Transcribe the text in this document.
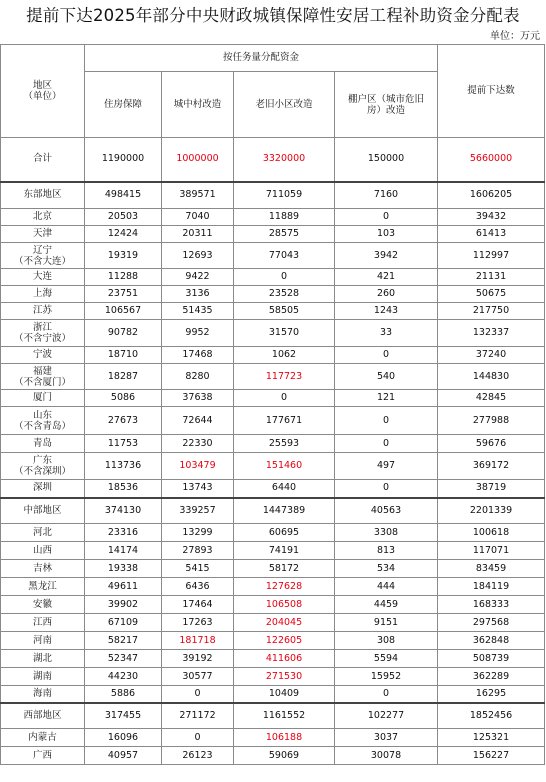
提前下达2025年部分中央财政城镇保障性安居工程补助资金分配表
单位：万元
地区
（单位）	按任务量分配资金				提前下达数
	住房保障	城中村改造	老旧小区改造	棚户区（城市危旧房）改造	
合计	1190000	1000000	3320000	150000	5660000
东部地区	498415	389571	711059	7160	1606205
北京	20503	7040	11889	0	39432
天津	12424	20311	28575	103	61413
辽宁
（不含大连）	19319	12693	77043	3942	112997
大连	11288	9422	0	421	21131
上海	23751	3136	23528	260	50675
江苏	106567	51435	58505	1243	217750
浙江
（不含宁波）	90782	9952	31570	33	132337
宁波	18710	17468	1062	0	37240
福建
（不含厦门）	18287	8280	117723	540	144830
厦门	5086	37638	0	121	42845
山东
（不含青岛）	27673	72644	177671	0	277988
青岛	11753	22330	25593	0	59676
广东
（不含深圳）	113736	103479	151460	497	369172
深圳	18536	13743	6440	0	38719
中部地区	374130	339257	1447389	40563	2201339
河北	23316	13299	60695	3308	100618
山西	14174	27893	74191	813	117071
吉林	19338	5415	58172	534	83459
黑龙江	49611	6436	127628	444	184119
安徽	39902	17464	106508	4459	168333
江西	67109	17263	204045	9151	297568
河南	58217	181718	122605	308	362848
湖北	52347	39192	411606	5594	508739
湖南	44230	30577	271530	15952	362289
海南	5886	0	10409	0	16295
西部地区	317455	271172	1161552	102277	1852456
内蒙古	16096	0	106188	3037	125321
广西	40957	26123	59069	30078	156227
